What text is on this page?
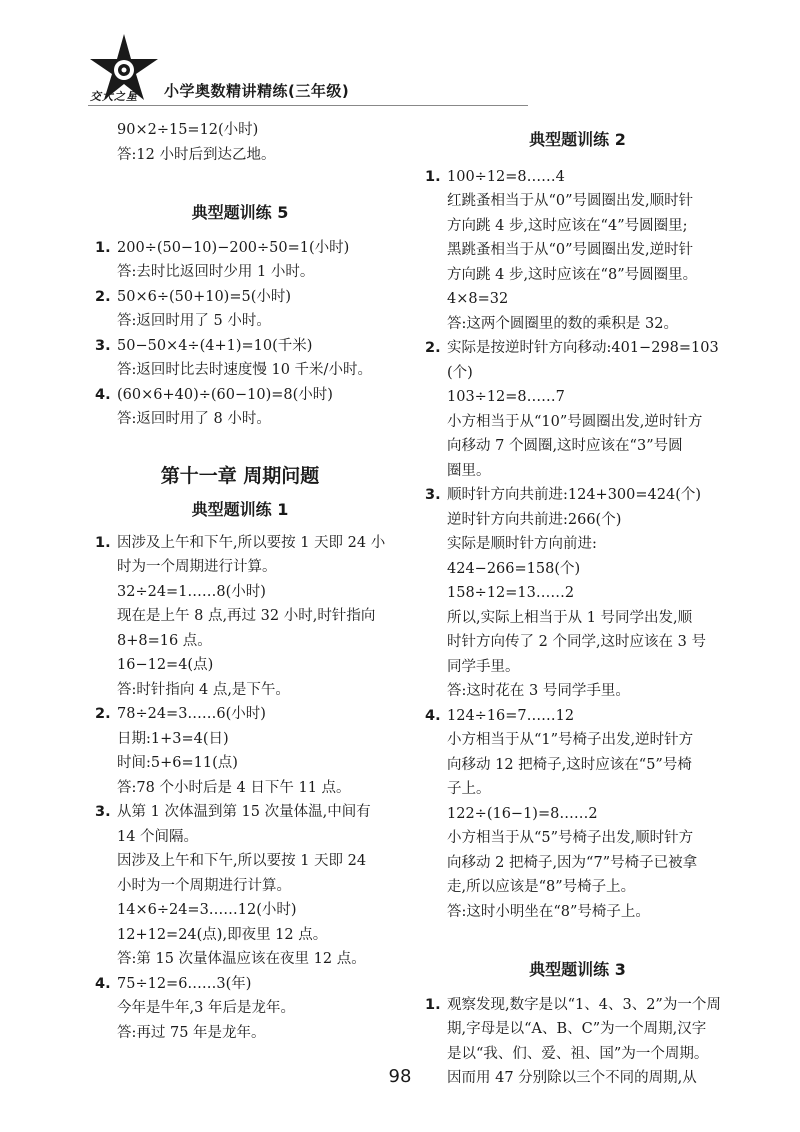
交大之星 小学奥数精讲精练(三年级)
90×2÷15=12(小时)
答:12 小时后到达乙地。
典型题训练 5
1. 200÷(50−10)−200÷50=1(小时)
答:去时比返回时少用 1 小时。
2. 50×6÷(50+10)=5(小时)
答:返回时用了 5 小时。
3. 50−50×4÷(4+1)=10(千米)
答:返回时比去时速度慢 10 千米/小时。
4. (60×6+40)÷(60−10)=8(小时)
答:返回时用了 8 小时。
第十一章 周期问题
典型题训练 1
1. 因涉及上午和下午,所以要按 1 天即 24 小
时为一个周期进行计算。
32÷24=1……8(小时)
现在是上午 8 点,再过 32 小时,时针指向
8+8=16 点。
16−12=4(点)
答:时针指向 4 点,是下午。
2. 78÷24=3……6(小时)
日期:1+3=4(日)
时间:5+6=11(点)
答:78 个小时后是 4 日下午 11 点。
3. 从第 1 次体温到第 15 次量体温,中间有
14 个间隔。
因涉及上午和下午,所以要按 1 天即 24
小时为一个周期进行计算。
14×6÷24=3……12(小时)
12+12=24(点),即夜里 12 点。
答:第 15 次量体温应该在夜里 12 点。
4. 75÷12=6……3(年)
今年是牛年,3 年后是龙年。
答:再过 75 年是龙年。
典型题训练 2
1. 100÷12=8……4
红跳蚤相当于从“0”号圆圈出发,顺时针
方向跳 4 步,这时应该在“4”号圆圈里;
黑跳蚤相当于从“0”号圆圈出发,逆时针
方向跳 4 步,这时应该在“8”号圆圈里。
4×8=32
答:这两个圆圈里的数的乘积是 32。
2. 实际是按逆时针方向移动:401−298=103
(个)
103÷12=8……7
小方相当于从“10”号圆圈出发,逆时针方
向移动 7 个圆圈,这时应该在“3”号圆
圈里。
3. 顺时针方向共前进:124+300=424(个)
逆时针方向共前进:266(个)
实际是顺时针方向前进:
424−266=158(个)
158÷12=13……2
所以,实际上相当于从 1 号同学出发,顺
时针方向传了 2 个同学,这时应该在 3 号
同学手里。
答:这时花在 3 号同学手里。
4. 124÷16=7……12
小方相当于从“1”号椅子出发,逆时针方
向移动 12 把椅子,这时应该在“5”号椅
子上。
122÷(16−1)=8……2
小方相当于从“5”号椅子出发,顺时针方
向移动 2 把椅子,因为“7”号椅子已被拿
走,所以应该是“8”号椅子上。
答:这时小明坐在“8”号椅子上。
典型题训练 3
1. 观察发现,数字是以“1、4、3、2”为一个周
期,字母是以“A、B、C”为一个周期,汉字
是以“我、们、爱、祖、国”为一个周期。
因而用 47 分别除以三个不同的周期,从
98
